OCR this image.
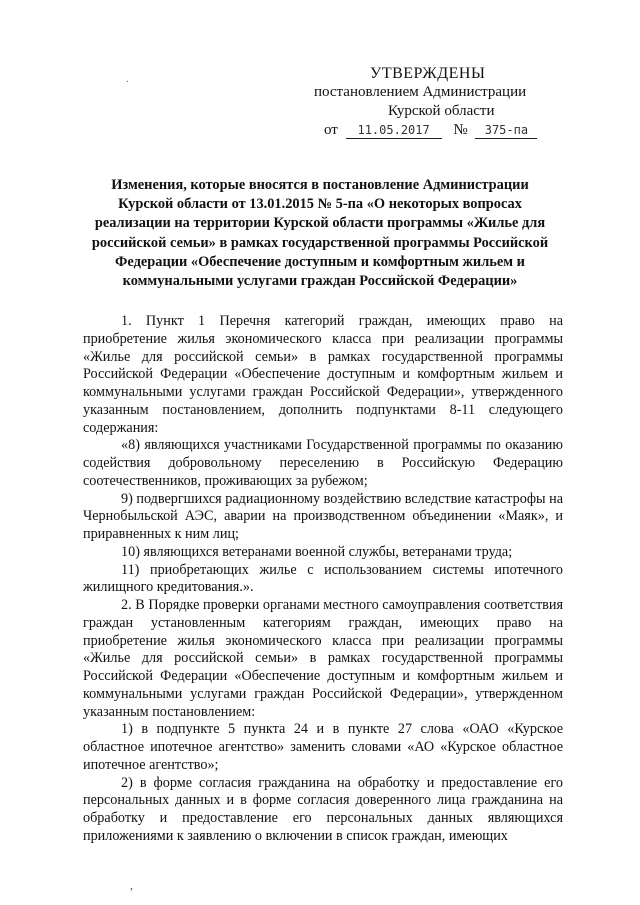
.
,
УТВЕРЖДЕНЫ
постановлением Администрации
Курской области
от 11.05.2017 № 375-па
Изменения, которые вносятся в постановление Администрации Курской области от 13.01.2015 № 5-па «О некоторых вопросах реализации на территории Курской области программы «Жилье для российской семьи» в рамках государственной программы Российской Федерации «Обеспечение доступным и комфортным жильем и коммунальными услугами граждан Российской Федерации»

1. Пункт 1 Перечня категорий граждан, имеющих право на приобретение жилья экономического класса при реализации программы «Жилье для российской семьи» в рамках государственной программы Российской Федерации «Обеспечение доступным и комфортным жильем и коммунальными услугами граждан Российской Федерации», утвержденного указанным постановлением, дополнить подпунктами 8-11 следующего содержания:

«8) являющихся участниками Государственной программы по оказанию содействия добровольному переселению в Российскую Федерацию соотечественников, проживающих за рубежом;

9) подвергшихся радиационному воздействию вследствие катастрофы на Чернобыльской АЭС, аварии на производственном объединении «Маяк», и приравненных к ним лиц;

10) являющихся ветеранами военной службы, ветеранами труда;

11) приобретающих жилье с использованием системы ипотечного жилищного кредитования.».

2. В Порядке проверки органами местного самоуправления соответствия граждан установленным категориям граждан, имеющих право на приобретение жилья экономического класса при реализации программы «Жилье для российской семьи» в рамках государственной программы Российской Федерации «Обеспечение доступным и комфортным жильем и коммунальными услугами граждан Российской Федерации», утвержденном указанным постановлением:

1) в подпункте 5 пункта 24 и в пункте 27 слова «ОАО «Курское областное ипотечное агентство» заменить словами «АО «Курское областное ипотечное агентство»;

2) в форме согласия гражданина на обработку и предоставление его персональных данных и в форме согласия доверенного лица гражданина на обработку и предоставление его персональных данных являющихся приложениями к заявлению о включении в список граждан, имеющих
